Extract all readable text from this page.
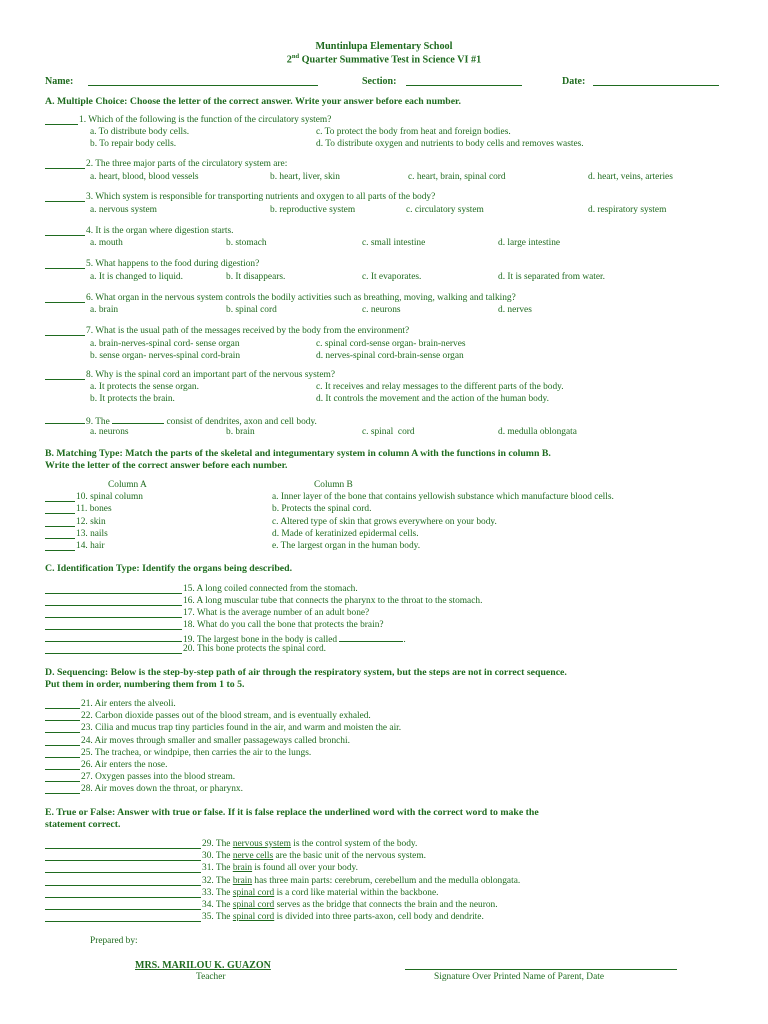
Muntinlupa Elementary School
2nd Quarter Summative Test in Science VI #1
Name:	Section:	Date:
A. Multiple Choice: Choose the letter of the correct answer. Write your answer before each number.
1. Which of the following is the function of the circulatory system?
a. To distribute body cells.	c. To protect the body from heat and foreign bodies.
b. To repair body cells.	d. To distribute oxygen and nutrients to body cells and removes wastes.
2. The three major parts of the circulatory system are:
a. heart, blood, blood vessels	b. heart, liver, skin	c. heart, brain, spinal cord	d. heart, veins, arteries
3. Which system is responsible for transporting nutrients and oxygen to all parts of the body?
a. nervous system	b. reproductive system	c. circulatory system	d. respiratory system
4. It is the organ where digestion starts.
a. mouth	b. stomach	c. small intestine	d. large intestine
5. What happens to the food during digestion?
a. It is changed to liquid.	b. It disappears.	c. It evaporates.	d. It is separated from water.
6. What organ in the nervous system controls the bodily activities such as breathing, moving, walking and talking?
a. brain	b. spinal cord	c. neurons	d. nerves
7. What is the usual path of the messages received by the body from the environment?
a. brain-nerves-spinal cord- sense organ	c. spinal cord-sense organ- brain-nerves
b. sense organ- nerves-spinal cord-brain	d. nerves-spinal cord-brain-sense organ
8. Why is the spinal cord an important part of the nervous system?
a. It protects the sense organ.	c. It receives and relay messages to the different parts of the body.
b. It protects the brain.	d. It controls the movement and the action of the human body.
9. The	consist of dendrites, axon and cell body.
a. neurons	b. brain	c. spinal  cord	d. medulla oblongata
B. Matching Type: Match the parts of the skeletal and integumentary system in column A with the functions in column B.
Write the letter of the correct answer before each number.
Column A	Column B
10. spinal column	a. Inner layer of the bone that contains yellowish substance which manufacture blood cells.
11. bones	b. Protects the spinal cord.
12. skin	c. Altered type of skin that grows everywhere on your body.
13. nails	d. Made of keratinized epidermal cells.
14. hair	e. The largest organ in the human body.
C. Identification Type: Identify the organs being described.
15. A long coiled connected from the stomach.
16. A long muscular tube that connects the pharynx to the throat to the stomach.
17. What is the average number of an adult bone?
18. What do you call the bone that protects the brain?
19. The largest bone in the body is called	.
20. This bone protects the spinal cord.
D. Sequencing: Below is the step-by-step path of air through the respiratory system, but the steps are not in correct sequence.
Put them in order, numbering them from 1 to 5.
21. Air enters the alveoli.
22. Carbon dioxide passes out of the blood stream, and is eventually exhaled.
23. Cilia and mucus trap tiny particles found in the air, and warm and moisten the air.
24. Air moves through smaller and smaller passageways called bronchi.
25. The trachea, or windpipe, then carries the air to the lungs.
26. Air enters the nose.
27. Oxygen passes into the blood stream.
28. Air moves down the throat, or pharynx.
E. True or False: Answer with true or false. If it is false replace the underlined word with the correct word to make the
statement correct.
29. The nervous system is the control system of the body.
30. The nerve cells are the basic unit of the nervous system.
31. The brain is found all over your body.
32. The brain has three main parts: cerebrum, cerebellum and the medulla oblongata.
33. The spinal cord is a cord like material within the backbone.
34. The spinal cord serves as the bridge that connects the brain and the neuron.
35. The spinal cord is divided into three parts-axon, cell body and dendrite.
Prepared by:
MRS. MARILOU K. GUAZON
Teacher	Signature Over Printed Name of Parent, Date
